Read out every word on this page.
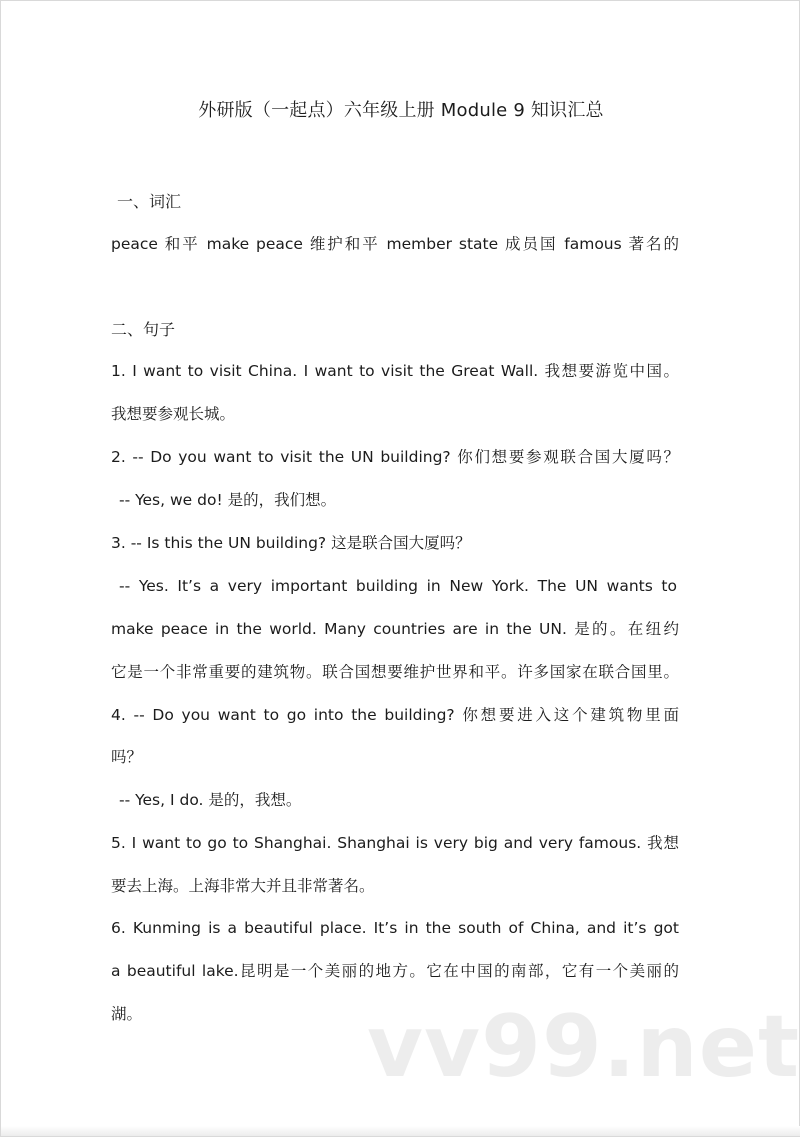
外研版（一起点）六年级上册 Module 9 知识汇总
一、词汇
peace 和平 make peace 维护和平 member state 成员国 famous 著名的
二、句子
1. I want to visit China. I want to visit the Great Wall. 我想要游览中国。
我想要参观长城。
2. -- Do you want to visit the UN building? 你们想要参观联合国大厦吗？
-- Yes, we do! 是的，我们想。
3. -- Is this the UN building? 这是联合国大厦吗？
-- Yes. It’s a very important building in New York. The UN wants to
make peace in the world. Many countries are in the UN. 是的。在纽约
它是一个非常重要的建筑物。联合国想要维护世界和平。许多国家在联合国里。
4. -- Do you want to go into the building? 你想要进入这个建筑物里面
吗？
-- Yes, I do. 是的，我想。
5. I want to go to Shanghai. Shanghai is very big and very famous. 我想
要去上海。上海非常大并且非常著名。
6. Kunming is a beautiful place. It’s in the south of China, and it’s got
a beautiful lake.昆明是一个美丽的地方。它在中国的南部，它有一个美丽的
湖。	vv99.net
